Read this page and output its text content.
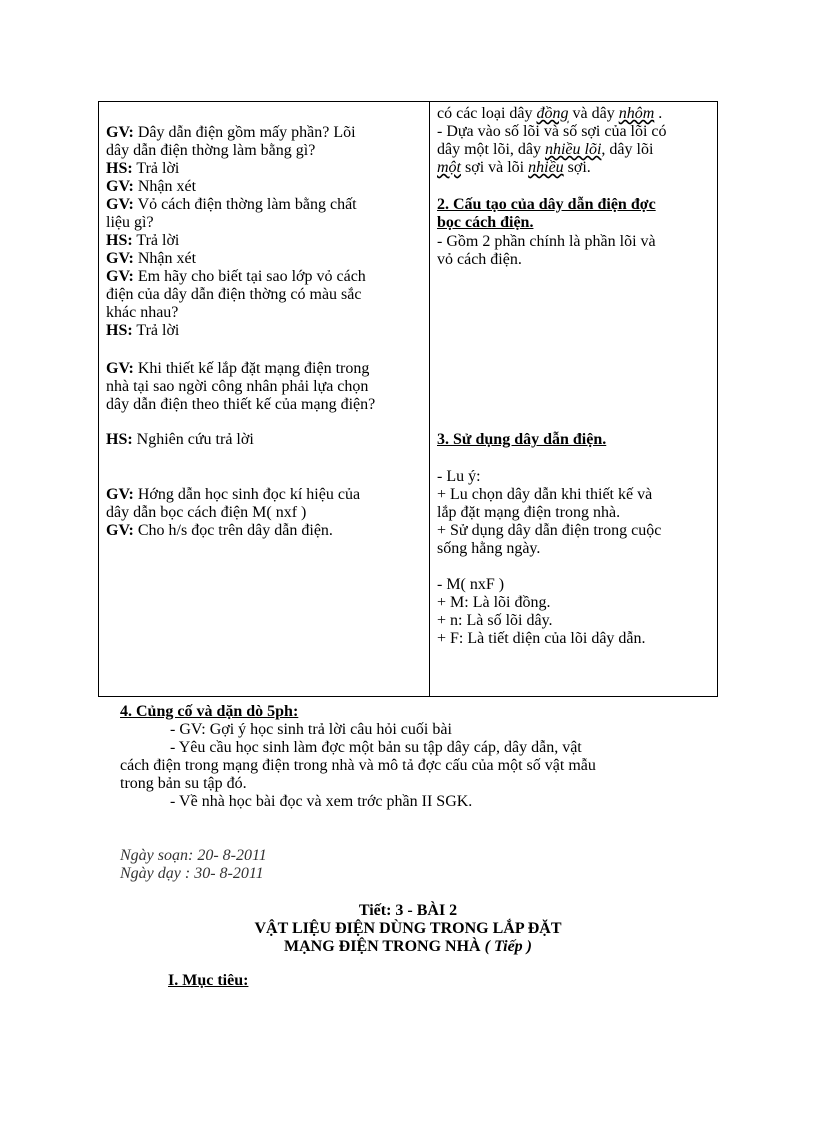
GV: Dây dẫn điện gồm mấy phần? Lõi
dây dẫn điện thờng làm bằng gì?
HS: Trả lời
GV: Nhận xét
GV: Vỏ cách điện thờng làm bằng chất
liệu gì?
HS: Trả lời
GV: Nhận xét
GV: Em hãy cho biết tại sao lớp vỏ cách
điện của dây dẫn điện thờng có màu sắc
khác nhau?
HS: Trả lời
GV: Khi thiết kế lắp đặt mạng điện trong
nhà tại sao ngời công nhân phải lựa chọn
dây dẫn điện theo thiết kế của mạng điện?
HS: Nghiên cứu trả lời
GV: Hớng dẫn học sinh đọc kí hiệu của
dây dẫn bọc cách điện M( nxf )
GV: Cho h/s đọc trên dây dẫn điện.
có các loại dây đồng và dây nhôm .
- Dựa vào số lõi và số sợi của lõi có
dây một lõi, dây nhiều lõi, dây lõi
một sợi và lõi nhiều sợi.
2. Cấu tạo của dây dẫn điện đợc
bọc cách điện.
- Gồm 2 phần chính là phần lõi và
vỏ cách điện.
3. Sử dụng dây dẫn điện.
- Lu ý:
+ Lu chọn dây dẫn khi thiết kế và
lắp đặt mạng điện trong nhà.
+ Sử dụng dây dẫn điện trong cuộc
sống hằng ngày.
- M( nxF )
+ M: Là lõi đồng.
+ n: Là số lõi dây.
+ F: Là tiết diện của lõi dây dẫn.
4. Củng cố và dặn dò 5ph:
- GV: Gợi ý học sinh trả lời câu hỏi cuối bài
- Yêu cầu học sinh làm đợc một bản su tập dây cáp, dây dẫn, vật
cách điện trong mạng điện trong nhà và mô tả đợc cấu của một số vật mẫu
trong bản su tập đó.
- Về nhà học bài đọc và xem trớc phần II SGK.
Ngày soạn: 20- 8-2011
Ngày dạy : 30- 8-2011
Tiết: 3 - BÀI 2
VẬT LIỆU ĐIỆN DÙNG TRONG LẮP ĐẶT
MẠNG ĐIỆN TRONG NHÀ ( Tiếp )
I. Mục tiêu:
